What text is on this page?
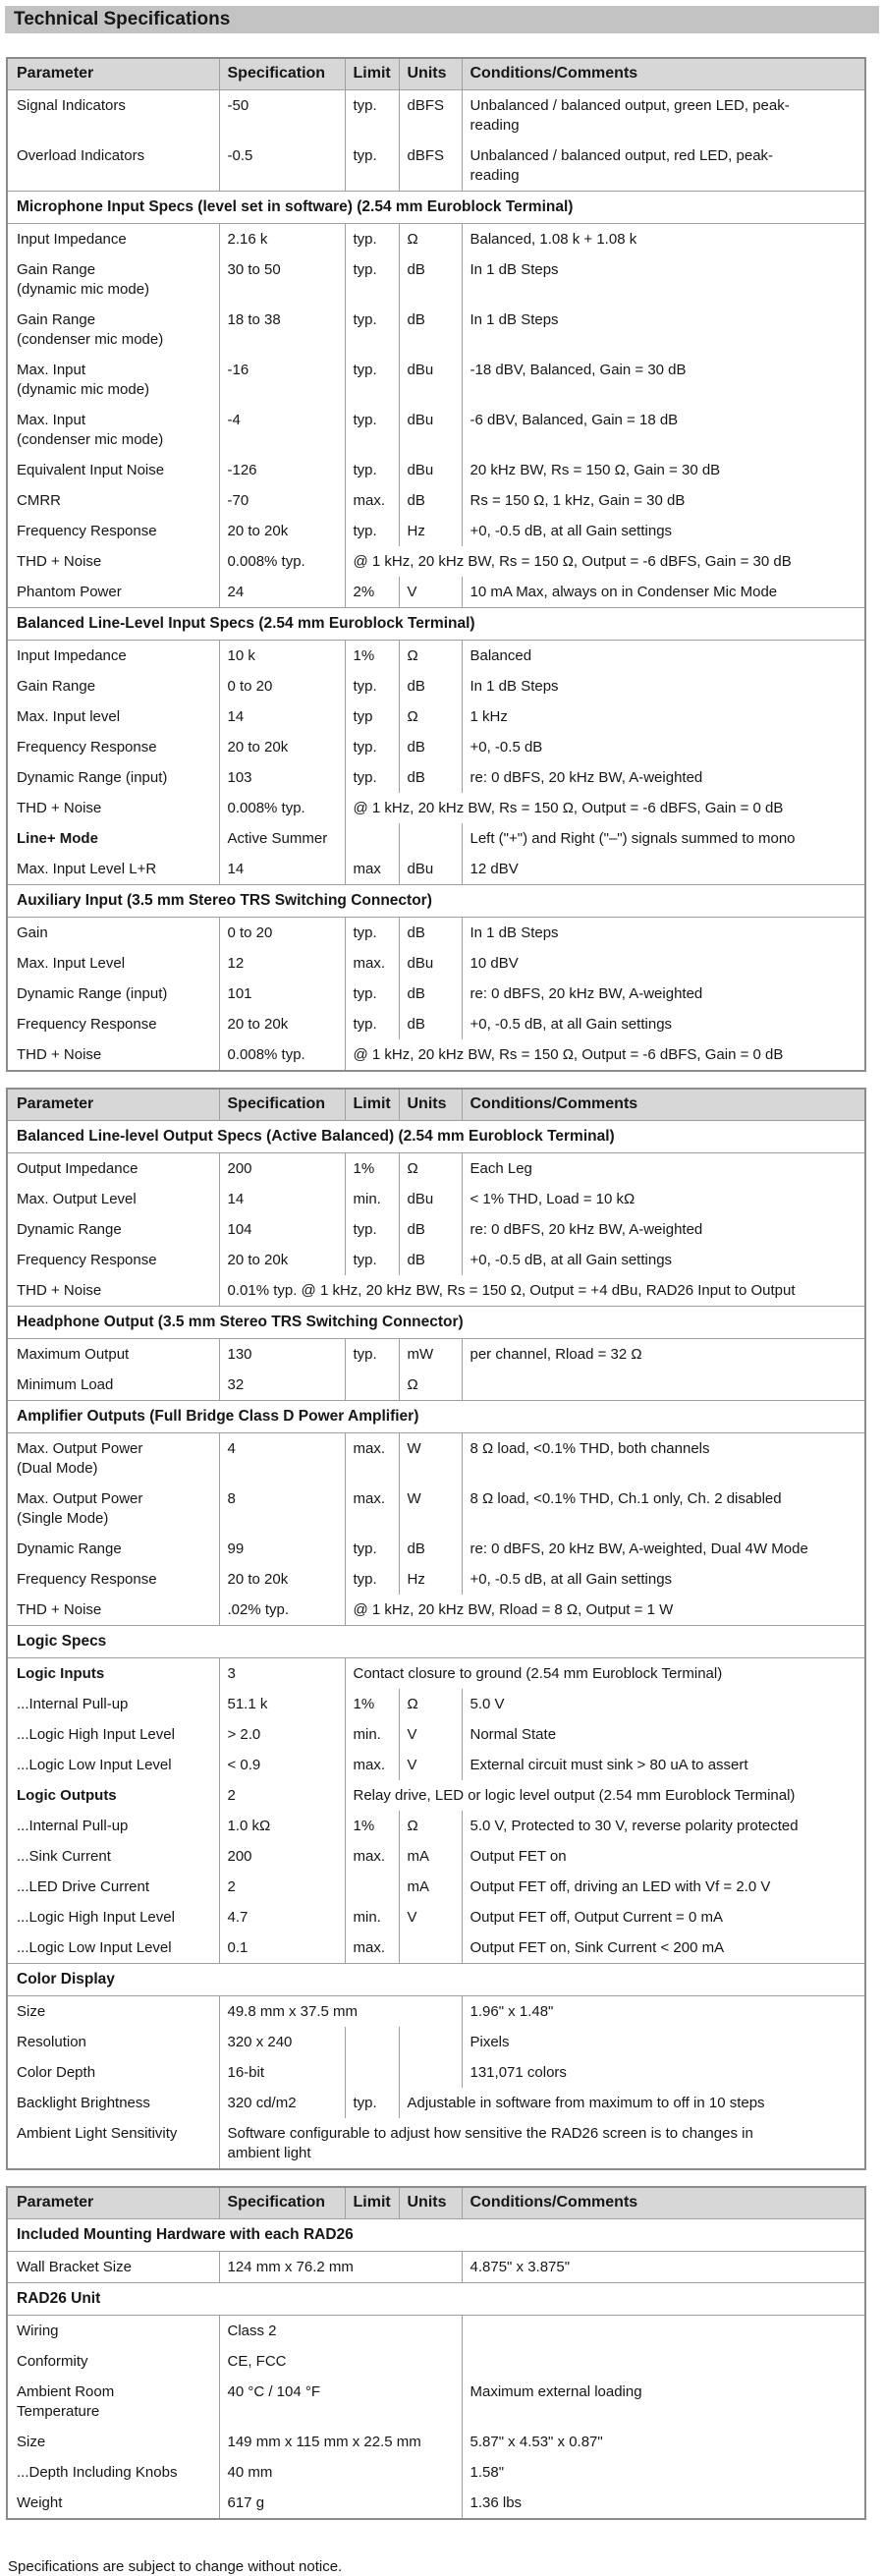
Technical Specifications
Parameter	Specification	Limit	Units	Conditions/Comments
Signal Indicators	-50	typ.	dBFS	Unbalanced / balanced output, green LED, peak-
reading
Overload Indicators	-0.5	typ.	dBFS	Unbalanced / balanced output, red LED, peak-
reading
Microphone Input Specs (level set in software) (2.54 mm Euroblock Terminal)				
Input Impedance	2.16 k	typ.	Ω	Balanced, 1.08 k + 1.08 k
Gain Range
(dynamic mic mode)	30 to 50	typ.	dB	In 1 dB Steps
Gain Range
(condenser mic mode)	18 to 38	typ.	dB	In 1 dB Steps
Max. Input
(dynamic mic mode)	-16	typ.	dBu	-18 dBV, Balanced, Gain = 30 dB
Max. Input
(condenser mic mode)	-4	typ.	dBu	-6 dBV, Balanced, Gain = 18 dB
Equivalent Input Noise	-126	typ.	dBu	20 kHz BW, Rs = 150 Ω, Gain = 30 dB
CMRR	-70	max.	dB	Rs = 150 Ω, 1 kHz, Gain = 30 dB
Frequency Response	20 to 20k	typ.	Hz	+0, -0.5 dB, at all Gain settings
THD + Noise	0.008% typ.	@ 1 kHz, 20 kHz BW, Rs = 150 Ω, Output = -6 dBFS, Gain = 30 dB		
Phantom Power	24	2%	V	10 mA Max, always on in Condenser Mic Mode
Balanced Line-Level Input Specs (2.54 mm Euroblock Terminal)				
Input Impedance	10 k	1%	Ω	Balanced
Gain Range	0 to 20	typ.	dB	In 1 dB Steps
Max. Input level	14	typ	Ω	1 kHz
Frequency Response	20 to 20k	typ.	dB	+0, -0.5 dB
Dynamic Range (input)	103	typ.	dB	re: 0 dBFS, 20 kHz BW, A-weighted
THD + Noise	0.008% typ.	@ 1 kHz, 20 kHz BW, Rs = 150 Ω, Output = -6 dBFS, Gain = 0 dB		
Line+ Mode	Active Summer			Left ("+") and Right ("–") signals summed to mono
Max. Input Level L+R	14	max	dBu	12 dBV
Auxiliary Input (3.5 mm Stereo TRS Switching Connector)				
Gain	0 to 20	typ.	dB	In 1 dB Steps
Max. Input Level	12	max.	dBu	10 dBV
Dynamic Range (input)	101	typ.	dB	re: 0 dBFS, 20 kHz BW, A-weighted
Frequency Response	20 to 20k	typ.	dB	+0, -0.5 dB, at all Gain settings
THD + Noise	0.008% typ.	@ 1 kHz, 20 kHz BW, Rs = 150 Ω, Output = -6 dBFS, Gain = 0 dB		
Parameter	Specification	Limit	Units	Conditions/Comments
Balanced Line-level Output Specs (Active Balanced) (2.54 mm Euroblock Terminal)				
Output Impedance	200	1%	Ω	Each Leg
Max. Output Level	14	min.	dBu	< 1% THD, Load = 10 kΩ
Dynamic Range	104	typ.	dB	re: 0 dBFS, 20 kHz BW, A-weighted
Frequency Response	20 to 20k	typ.	dB	+0, -0.5 dB, at all Gain settings
THD + Noise	0.01% typ. @ 1 kHz, 20 kHz BW, Rs = 150 Ω, Output = +4 dBu, RAD26 Input to Output			
Headphone Output (3.5 mm Stereo TRS Switching Connector)				
Maximum Output	130	typ.	mW	per channel, Rload = 32 Ω
Minimum Load	32		Ω	
Amplifier Outputs (Full Bridge Class D Power Amplifier)				
Max. Output Power
(Dual Mode)	4	max.	W	8 Ω load, <0.1% THD, both channels
Max. Output Power
(Single Mode)	8	max.	W	8 Ω load, <0.1% THD, Ch.1 only, Ch. 2 disabled
Dynamic Range	99	typ.	dB	re: 0 dBFS, 20 kHz BW, A-weighted, Dual 4W Mode
Frequency Response	20 to 20k	typ.	Hz	+0, -0.5 dB, at all Gain settings
THD + Noise	.02% typ.	@ 1 kHz, 20 kHz BW, Rload = 8 Ω, Output = 1 W		
Logic Specs				
Logic Inputs	3	Contact closure to ground (2.54 mm Euroblock Terminal)		
...Internal Pull-up	51.1 k	1%	Ω	5.0 V
...Logic High Input Level	> 2.0	min.	V	Normal State
...Logic Low Input Level	< 0.9	max.	V	External circuit must sink > 80 uA to assert
Logic Outputs	2	Relay drive, LED or logic level output (2.54 mm Euroblock Terminal)		
...Internal Pull-up	1.0 kΩ	1%	Ω	5.0 V, Protected to 30 V, reverse polarity protected
...Sink Current	200	max.	mA	Output FET on
...LED Drive Current	2		mA	Output FET off, driving an LED with Vf = 2.0 V
...Logic High Input Level	4.7	min.	V	Output FET off, Output Current = 0 mA
...Logic Low Input Level	0.1	max.		Output FET on, Sink Current < 200 mA
Color Display				
Size	49.8 mm x 37.5 mm			1.96" x 1.48"
Resolution	320 x 240			Pixels
Color Depth	16-bit			131,071 colors
Backlight Brightness	320 cd/m2	typ.	Adjustable in software from maximum to off in 10 steps	
Ambient Light Sensitivity	Software configurable to adjust how sensitive the RAD26 screen is to changes in
ambient light			
Parameter	Specification	Limit	Units	Conditions/Comments
Included Mounting Hardware with each RAD26				
Wall Bracket Size	124 mm x 76.2 mm			4.875" x 3.875"
RAD26 Unit				
Wiring	Class 2			
Conformity	CE, FCC			
Ambient Room
Temperature	40 °C / 104 °F			Maximum external loading
Size	149 mm x 115 mm x 22.5 mm			5.87" x 4.53" x 0.87"
...Depth Including Knobs	40 mm			1.58"
Weight	617 g			1.36 lbs
Specifications are subject to change without notice.
